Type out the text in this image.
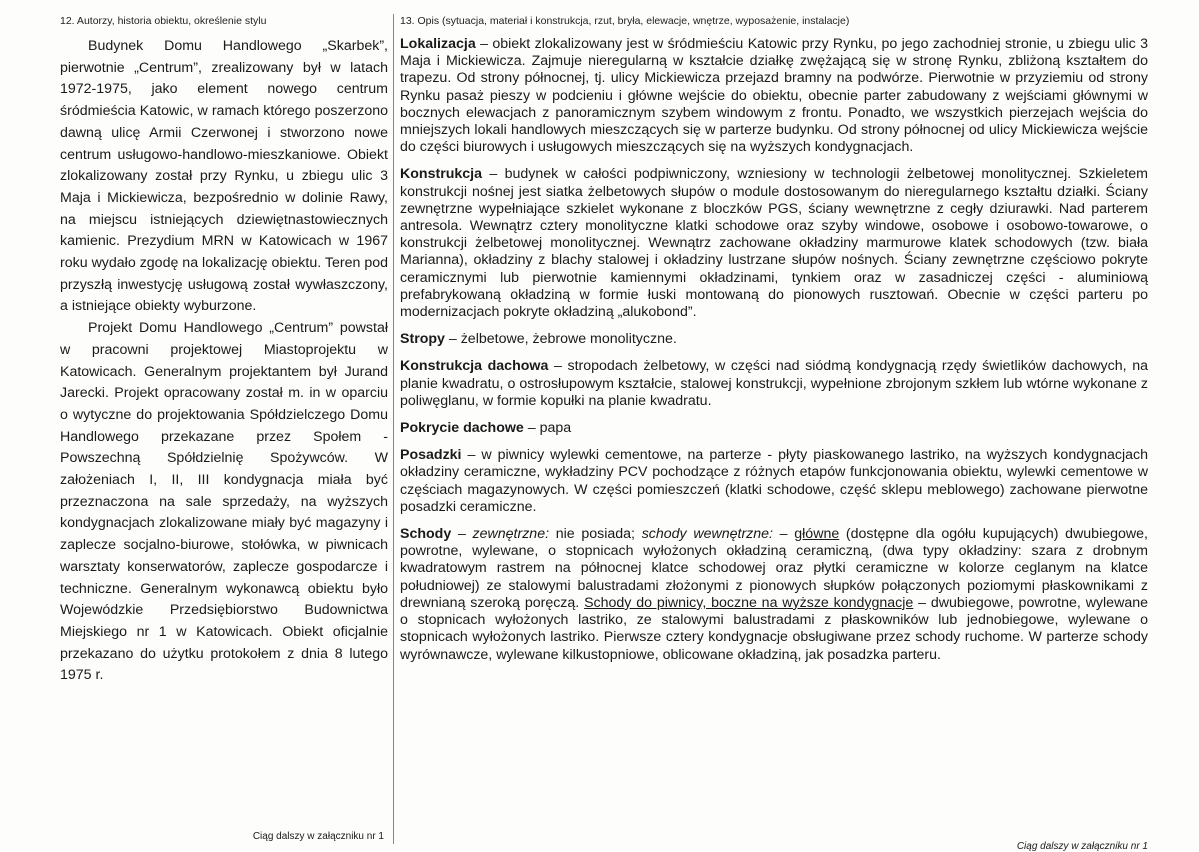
12. Autorzy, historia obiektu, określenie stylu

Budynek Domu Handlowego „Skarbek”, pierwotnie „Centrum”, zrealizowany był w latach 1972-1975, jako element nowego centrum śródmieścia Katowic, w ramach którego poszerzono dawną ulicę Armii Czerwonej i stworzono nowe centrum usługowo-handlowo-mieszkaniowe. Obiekt zlokalizowany został przy Rynku, u zbiegu ulic 3 Maja i Mickiewicza, bezpośrednio w dolinie Rawy, na miejscu istniejących dziewiętnastowiecznych kamienic. Prezydium MRN w Katowicach w 1967 roku wydało zgodę na lokalizację obiektu. Teren pod przyszłą inwestycję usługową został wywłaszczony, a istniejące obiekty wyburzone.

Projekt Domu Handlowego „Centrum” powstał w pracowni projektowej Miastoprojektu w Katowicach. Generalnym projektantem był Jurand Jarecki. Projekt opracowany został m. in w oparciu o wytyczne do projektowania Spółdzielczego Domu Handlowego przekazane przez Społem - Powszechną Spółdzielnię Spożywców. W założeniach I, II, III kondygnacja miała być przeznaczona na sale sprzedaży, na wyższych kondygnacjach zlokalizowane miały być magazyny i zaplecze socjalno-biurowe, stołówka, w piwnicach warsztaty konserwatorów, zaplecze gospodarcze i techniczne. Generalnym wykonawcą obiektu było Wojewódzkie Przedsiębiorstwo Budownictwa Miejskiego nr 1 w Katowicach. Obiekt oficjalnie przekazano do użytku protokołem z dnia 8 lutego 1975 r.

Ciąg dalszy w załączniku nr 1
13. Opis (sytuacja, materiał i konstrukcja, rzut, bryła, elewacje, wnętrze, wyposażenie, instalacje)
Lokalizacja – obiekt zlokalizowany jest w śródmieściu Katowic przy Rynku, po jego zachodniej stronie, u zbiegu ulic 3 Maja i Mickiewicza. Zajmuje nieregularną w kształcie działkę zwężającą się w stronę Rynku, zbliżoną kształtem do trapezu. Od strony północnej, tj. ulicy Mickiewicza przejazd bramny na podwórze. Pierwotnie w przyziemiu od strony Rynku pasaż pieszy w podcieniu i główne wejście do obiektu, obecnie parter zabudowany z wejściami głównymi w bocznych elewacjach z panoramicznym szybem windowym z frontu. Ponadto, we wszystkich pierzejach wejścia do mniejszych lokali handlowych mieszczących się w parterze budynku. Od strony północnej od ulicy Mickiewicza wejście do części biurowych i usługowych mieszczących się na wyższych kondygnacjach.
Konstrukcja – budynek w całości podpiwniczony, wzniesiony w technologii żelbetowej monolitycznej. Szkieletem konstrukcji nośnej jest siatka żelbetowych słupów o module dostosowanym do nieregularnego kształtu działki. Ściany zewnętrzne wypełniające szkielet wykonane z bloczków PGS, ściany wewnętrzne z cegły dziurawki. Nad parterem antresola. Wewnątrz cztery monolityczne klatki schodowe oraz szyby windowe, osobowe i osobowo-towarowe, o konstrukcji żelbetowej monolitycznej. Wewnątrz zachowane okładziny marmurowe klatek schodowych (tzw. biała Marianna), okładziny z blachy stalowej i okładziny lustrzane słupów nośnych. Ściany zewnętrzne częściowo pokryte ceramicznymi lub pierwotnie kamiennymi okładzinami, tynkiem oraz w zasadniczej części - aluminiową prefabrykowaną okładziną w formie łuski montowaną do pionowych rusztowań. Obecnie w części parteru po modernizacjach pokryte okładziną „alukobond”.
Stropy – żelbetowe, żebrowe monolityczne.
Konstrukcja dachowa – stropodach żelbetowy, w części nad siódmą kondygnacją rzędy świetlików dachowych, na planie kwadratu, o ostrosłupowym kształcie, stalowej konstrukcji, wypełnione zbrojonym szkłem lub wtórne wykonane z poliwęglanu, w formie kopułki na planie kwadratu.
Pokrycie dachowe – papa
Posadzki – w piwnicy wylewki cementowe, na parterze - płyty piaskowanego lastriko, na wyższych kondygnacjach okładziny ceramiczne, wykładziny PCV pochodzące z różnych etapów funkcjonowania obiektu, wylewki cementowe w częściach magazynowych. W części pomieszczeń (klatki schodowe, część sklepu meblowego) zachowane pierwotne posadzki ceramiczne.
Schody – zewnętrzne: nie posiada; schody wewnętrzne: – główne (dostępne dla ogółu kupujących) dwubiegowe, powrotne, wylewane, o stopnicach wyłożonych okładziną ceramiczną, (dwa typy okładziny: szara z drobnym kwadratowym rastrem na północnej klatce schodowej oraz płytki ceramiczne w kolorze ceglanym na klatce południowej) ze stalowymi balustradami złożonymi z pionowych słupków połączonych poziomymi płaskownikami z drewnianą szeroką poręczą. Schody do piwnicy, boczne na wyższe kondygnacje – dwubiegowe, powrotne, wylewane o stopnicach wyłożonych lastriko, ze stalowymi balustradami z płaskowników lub jednobiegowe, wylewane o stopnicach wyłożonych lastriko. Pierwsze cztery kondygnacje obsługiwane przez schody ruchome. W parterze schody wyrównawcze, wylewane kilkustopniowe, oblicowane okładziną, jak posadzka parteru.
Ciąg dalszy w załączniku nr 1
